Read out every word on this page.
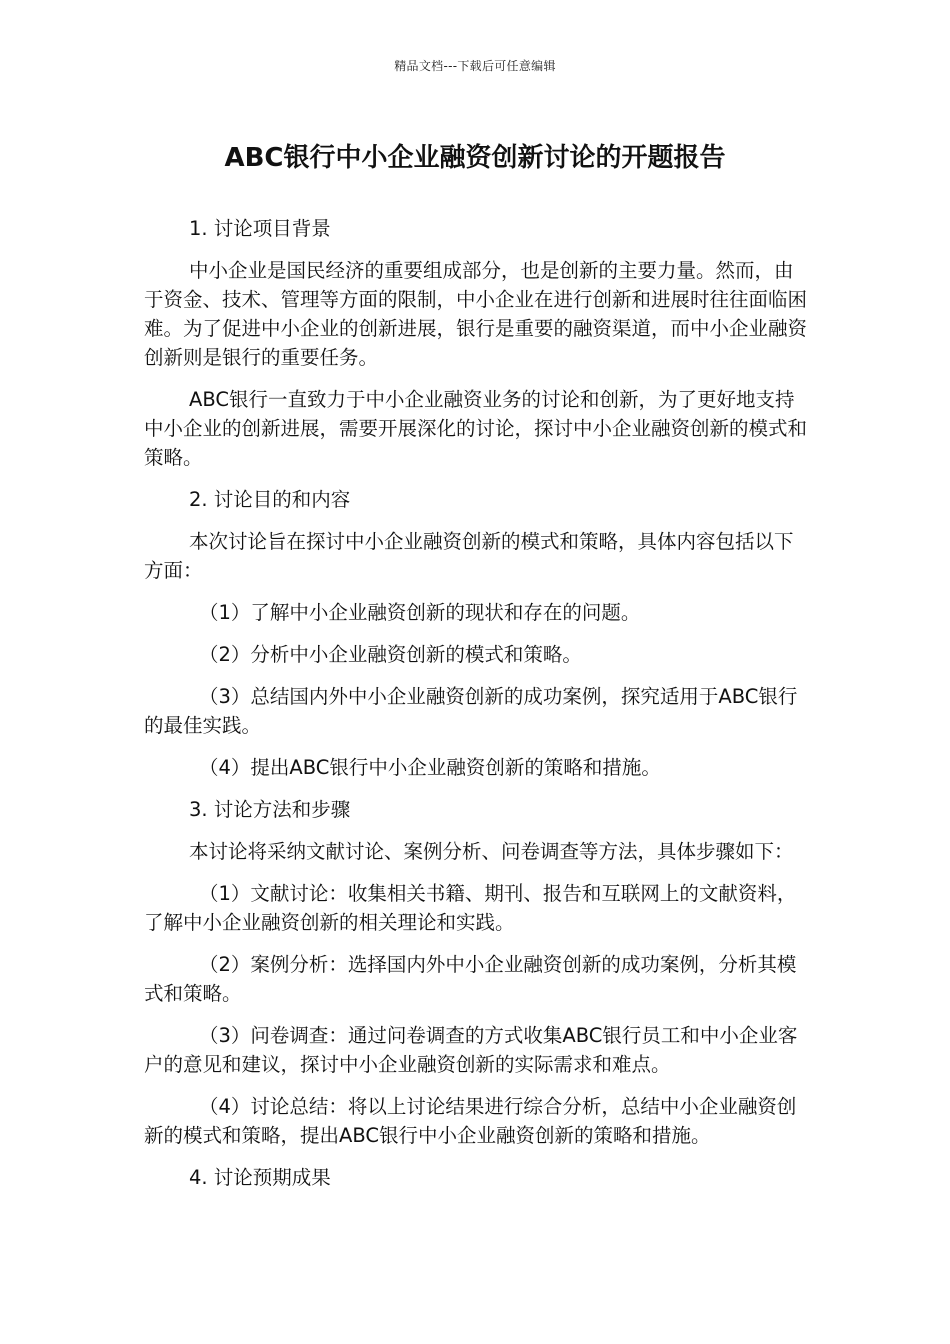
精品文档---下载后可任意编辑
ABC银行中小企业融资创新讨论的开题报告

1. 讨论项目背景

中小企业是国民经济的重要组成部分，也是创新的主要力量。然而，由于资金、技术、管理等方面的限制，中小企业在进行创新和进展时往往面临困难。为了促进中小企业的创新进展，银行是重要的融资渠道，而中小企业融资创新则是银行的重要任务。

ABC银行一直致力于中小企业融资业务的讨论和创新，为了更好地支持中小企业的创新进展，需要开展深化的讨论，探讨中小企业融资创新的模式和策略。

2. 讨论目的和内容

本次讨论旨在探讨中小企业融资创新的模式和策略，具体内容包括以下方面：

（1）了解中小企业融资创新的现状和存在的问题。

（2）分析中小企业融资创新的模式和策略。

（3）总结国内外中小企业融资创新的成功案例，探究适用于ABC银行的最佳实践。

（4）提出ABC银行中小企业融资创新的策略和措施。

3. 讨论方法和步骤

本讨论将采纳文献讨论、案例分析、问卷调查等方法，具体步骤如下：

（1）文献讨论：收集相关书籍、期刊、报告和互联网上的文献资料，了解中小企业融资创新的相关理论和实践。

（2）案例分析：选择国内外中小企业融资创新的成功案例，分析其模式和策略。

（3）问卷调查：通过问卷调查的方式收集ABC银行员工和中小企业客户的意见和建议，探讨中小企业融资创新的实际需求和难点。

（4）讨论总结：将以上讨论结果进行综合分析，总结中小企业融资创新的模式和策略，提出ABC银行中小企业融资创新的策略和措施。

4. 讨论预期成果
